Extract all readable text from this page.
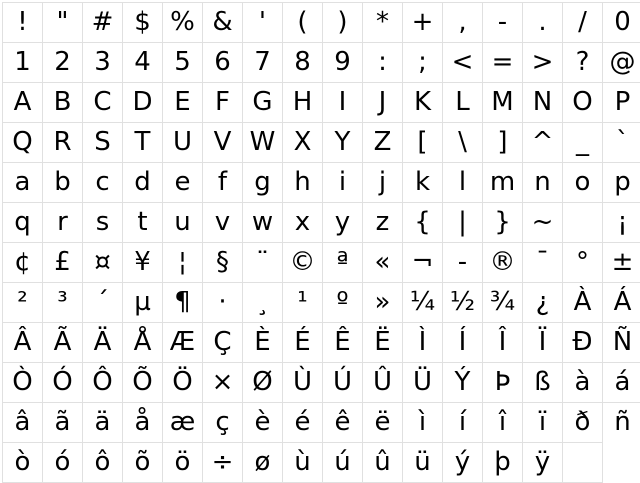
!	" # $ % &	'	(	)	* + ,	-	.	/	0
1 2 3 4 5 6 7 8 9	:	; < = > ? @
A B C D E F G H	I	J	K L M N O P
Q R S T U V W X Y Z	[	\	] ^ _	`
a b c d e	f	g h	i	j	k	l m n o p
q	r	s	t	u v w x y z {	|	} ~	¡
¢ £ ¤ ¥	¦	§	¨ © ª « ¬ - ® ¯	° ±
²	³	´ µ ¶	·	¸	¹	º » ¼ ½ ¾ ¿ À Á
Â Ã Ä Å Æ Ç È É Ê Ë	Ì	Í	Î	Ï	Ð Ñ
Ò Ó Ô Õ Ö × Ø Ù Ú Û Ü Ý Þ ß à á
â ã ä å æ ç è é ê ë	ì	í	î	ï	ð ñ
ò ó ô õ ö ÷ ø ù ú û ü ý þ ÿ
